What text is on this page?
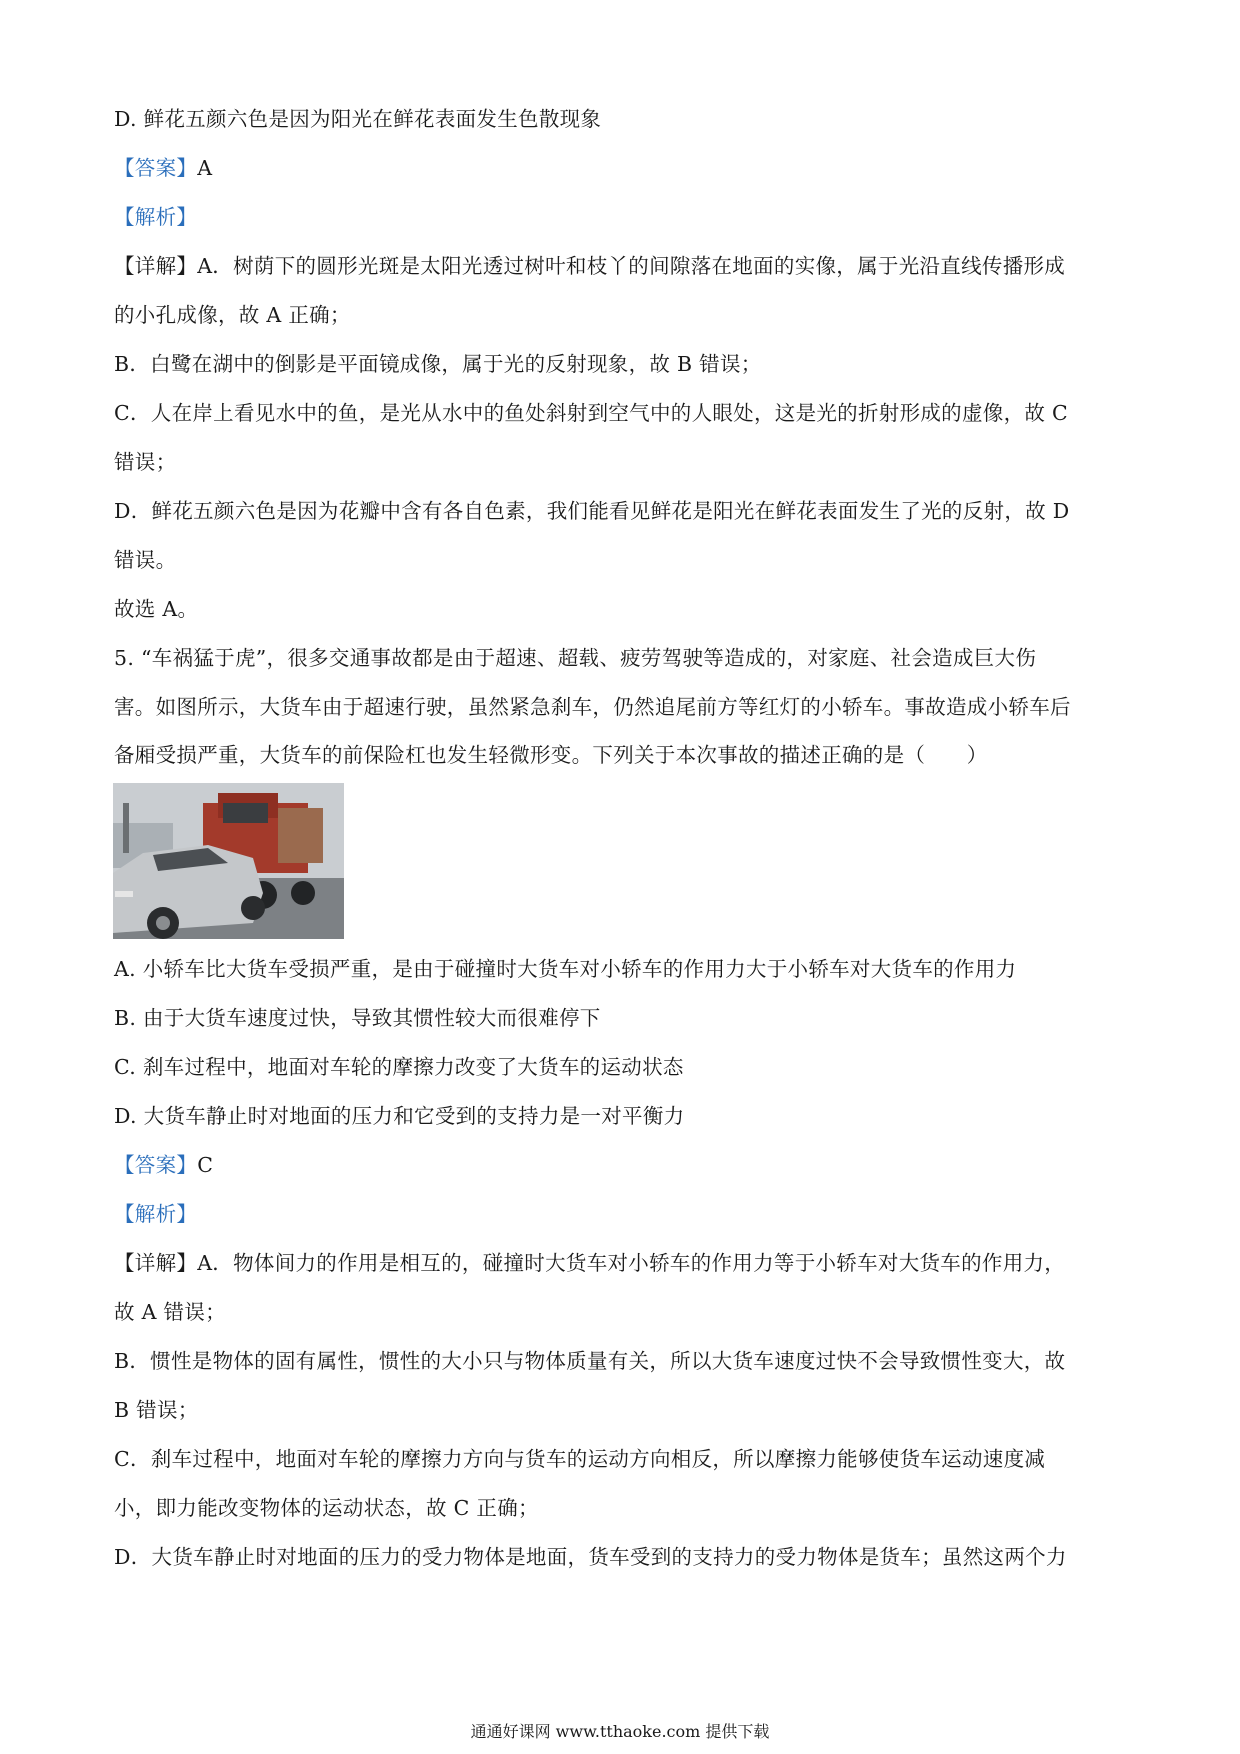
D. 鲜花五颜六色是因为阳光在鲜花表面发生色散现象
【答案】A
【解析】
【详解】A．树荫下的圆形光斑是太阳光透过树叶和枝丫的间隙落在地面的实像，属于光沿直线传播形成
的小孔成像，故 A 正确；
B．白鹭在湖中的倒影是平面镜成像，属于光的反射现象，故 B 错误；
C．人在岸上看见水中的鱼，是光从水中的鱼处斜射到空气中的人眼处，这是光的折射形成的虚像，故 C
错误；
D．鲜花五颜六色是因为花瓣中含有各自色素，我们能看见鲜花是阳光在鲜花表面发生了光的反射，故 D
错误。
故选 A。
5. “车祸猛于虎”，很多交通事故都是由于超速、超载、疲劳驾驶等造成的，对家庭、社会造成巨大伤
害。如图所示，大货车由于超速行驶，虽然紧急刹车，仍然追尾前方等红灯的小轿车。事故造成小轿车后
备厢受损严重，大货车的前保险杠也发生轻微形变。下列关于本次事故的描述正确的是（　　）
A. 小轿车比大货车受损严重，是由于碰撞时大货车对小轿车的作用力大于小轿车对大货车的作用力
B. 由于大货车速度过快，导致其惯性较大而很难停下
C. 刹车过程中，地面对车轮的摩擦力改变了大货车的运动状态
D. 大货车静止时对地面的压力和它受到的支持力是一对平衡力
【答案】C
【解析】
【详解】A．物体间力的作用是相互的，碰撞时大货车对小轿车的作用力等于小轿车对大货车的作用力，
故 A 错误；
B．惯性是物体的固有属性，惯性的大小只与物体质量有关，所以大货车速度过快不会导致惯性变大，故
B 错误；
C．刹车过程中，地面对车轮的摩擦力方向与货车的运动方向相反，所以摩擦力能够使货车运动速度减
小，即力能改变物体的运动状态，故 C 正确；
D．大货车静止时对地面的压力的受力物体是地面，货车受到的支持力的受力物体是货车；虽然这两个力
通通好课网 www.tthaoke.com 提供下载
